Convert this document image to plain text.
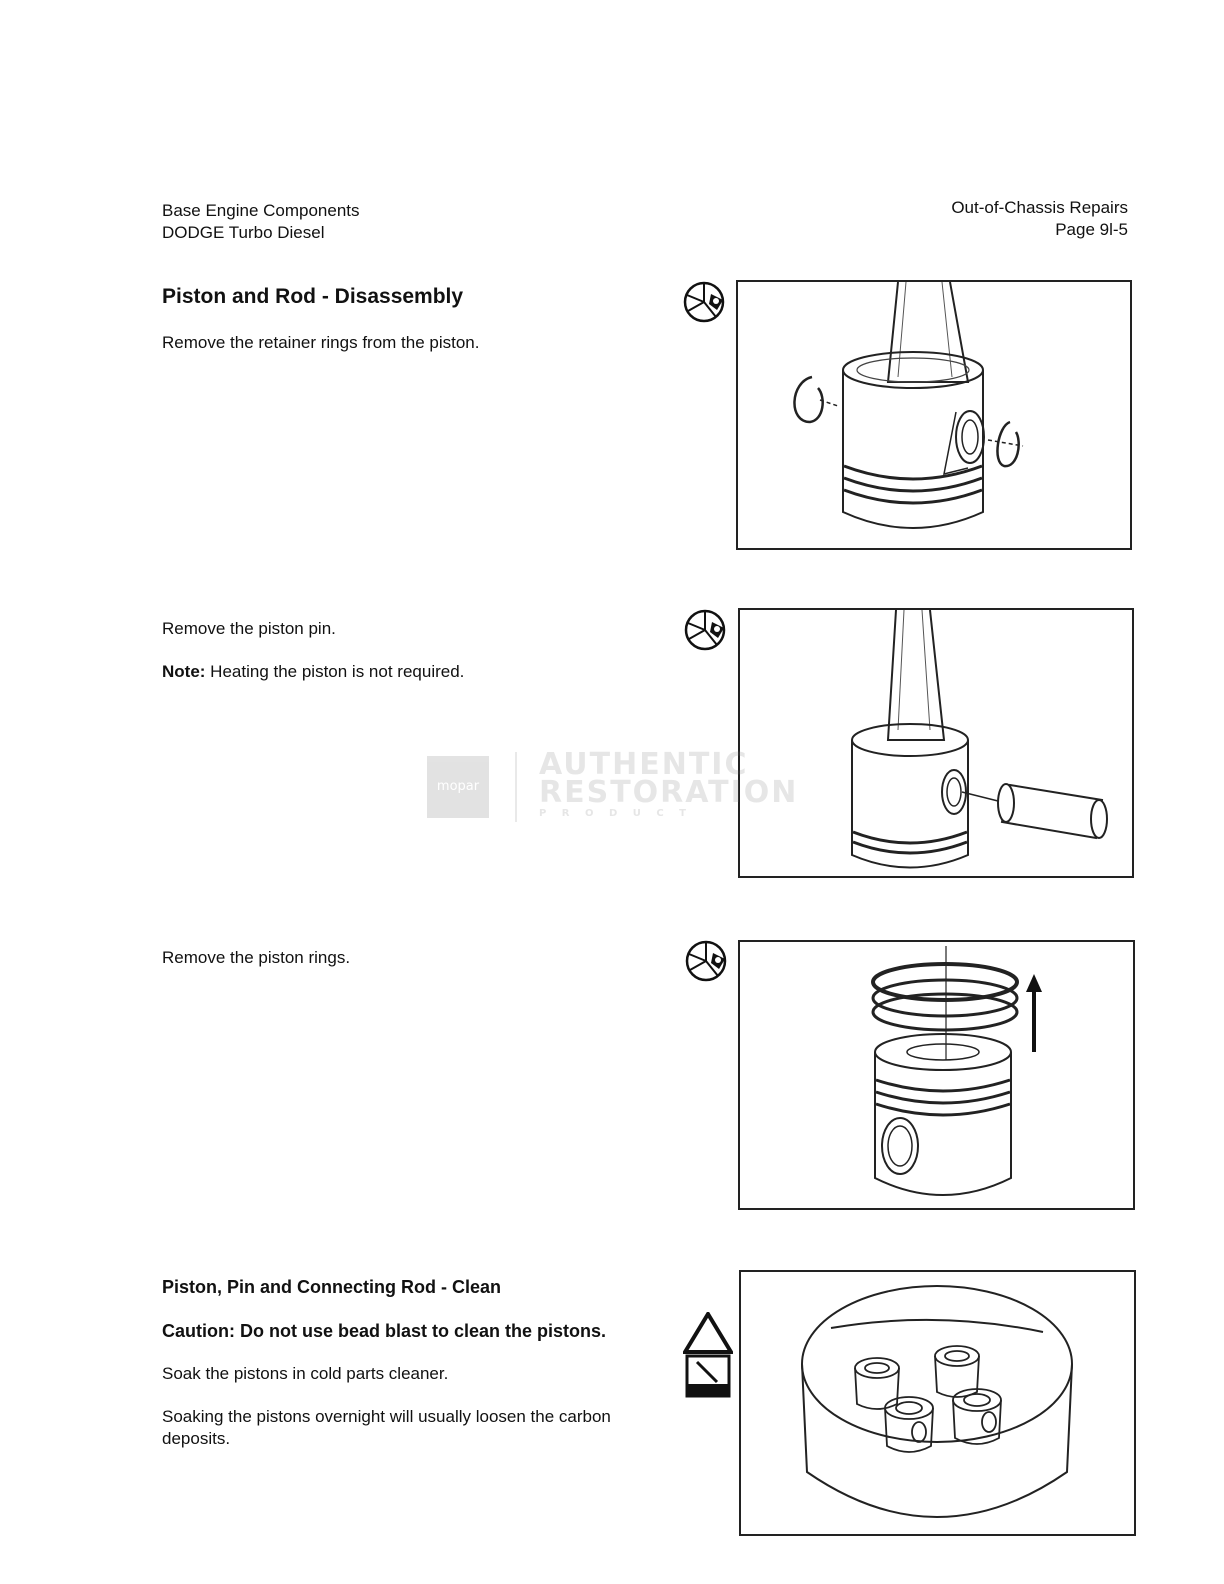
Base Engine Components
DODGE Turbo Diesel
Out-of-Chassis Repairs
Page 9l-5
Piston and Rod - Disassembly
Remove the retainer rings from the piston.
Remove the piston pin.
Note: Heating the piston is not required.
mopar
AUTHENTIC
RESTORATION
P R O D U C T
Remove the piston rings.
Piston, Pin and Connecting Rod - Clean
Caution: Do not use bead blast to clean the pistons.
Soak the pistons in cold parts cleaner.
Soaking the pistons overnight will usually loosen the carbon deposits.
